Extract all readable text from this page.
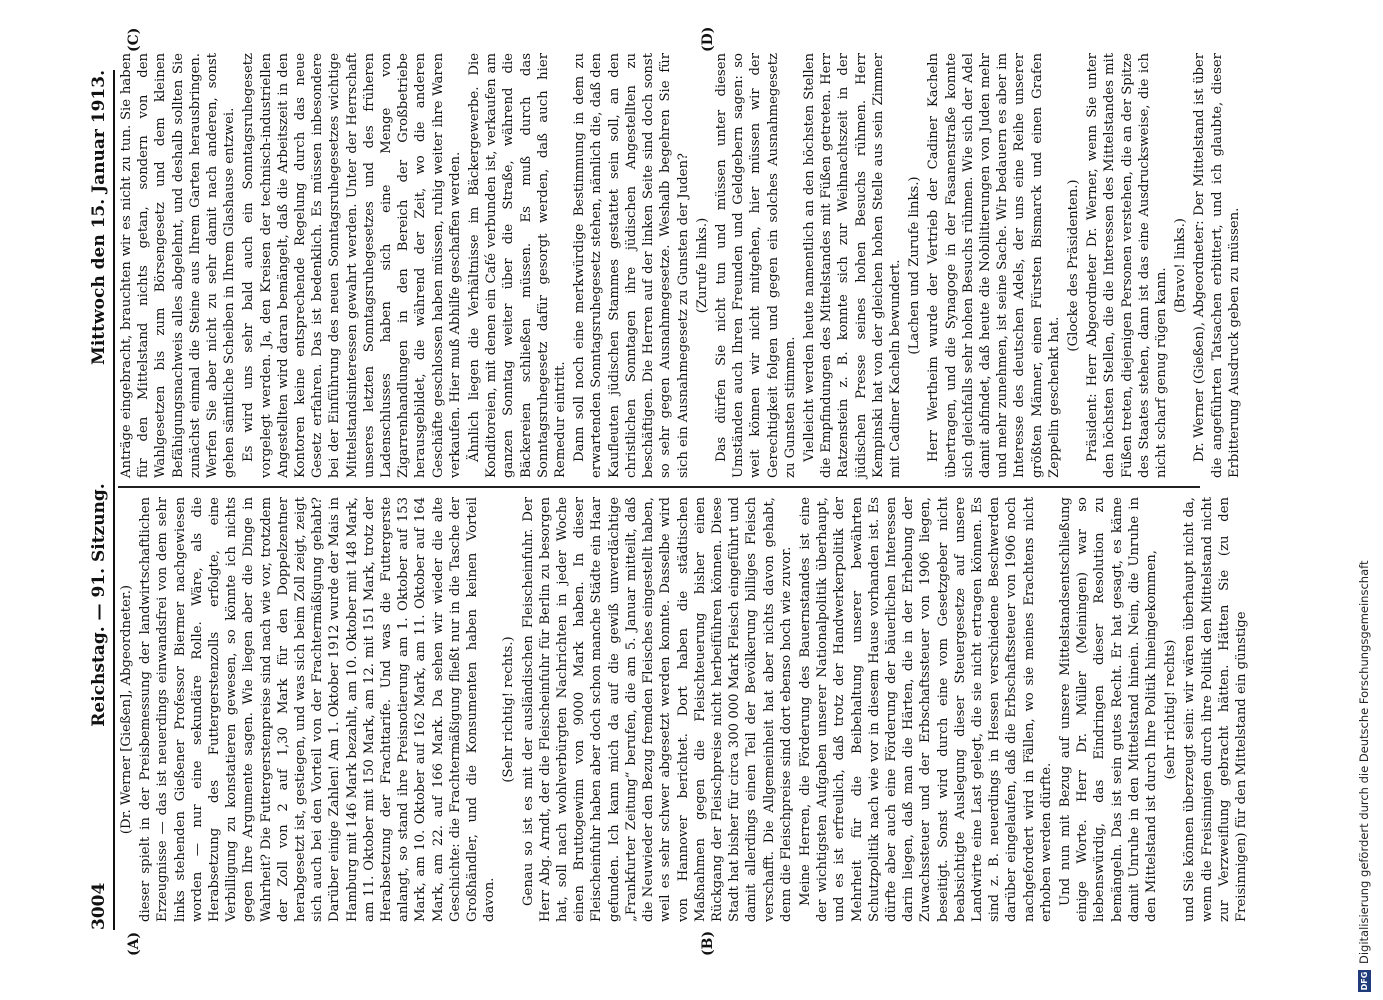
3004
Reichstag. — 91. Sitzung.
Mittwoch den 15. Januar 1913.
(A)	(B)
(C)	(D)

(Dr. Werner [Gießen], Abgeordneter.) dieser spielt in der Preisbemessung der landwirtschaftlichen Erzeugnisse — das ist neuerdings einwandsfrei von dem sehr links stehenden Gießener Professor Biermer nachgewiesen worden — nur eine sekundäre Rolle. Wäre, als die Herabsetzung des Futtergerstenzolls erfolgte, eine Verbilligung zu konstatieren gewesen, so könnte ich nichts gegen Ihre Argumente sagen. Wie liegen aber die Dinge in Wahrheit? Die Futtergerstenpreise sind nach wie vor, trotzdem der Zoll von 2 auf 1,30 Mark für den Doppelzentner herabgesetzt ist, gestiegen, und was sich beim Zoll zeigt, zeigt sich auch bei den Vorteil von der Frachtermäßigung gehabt? Darüber einige Zahlen! Am 1. Oktober 1912 wurde der Mais in Hamburg mit 146 Mark bezahlt, am 10. Oktober mit 148 Mark, am 11. Oktober mit 150 Mark, am 12. mit 151 Mark, trotz der Herabsetzung der Frachttarife. Und was die Futtergerste anlangt, so stand ihre Preisnotierung am 1. Oktober auf 153 Mark, am 10. Oktober auf 162 Mark, am 11. Oktober auf 164 Mark, am 22. auf 166 Mark. Da sehen wir wieder die alte Geschichte: die Frachtermäßigung fließt nur in die Tasche der Großhändler, und die Konsumenten haben keinen Vorteil davon.

(Sehr richtig! rechts.) Genau so ist es mit der ausländischen Fleischeinfuhr. Der Herr Abg. Arndt, der die Fleischeinfuhr für Berlin zu besorgen hat, soll nach wohlverbürgten Nachrichten in jeder Woche einen Bruttogewinn von 9000 Mark haben. In dieser Fleischeinfuhr haben aber doch schon manche Städte ein Haar gefunden. Ich kann mich da auf die gewiß unverdächtige „Frankfurter Zeitung“ berufen, die am 5. Januar mitteilt, daß die Neuwieder den Bezug fremden Fleisches eingestellt haben, weil es sehr schwer abgesetzt werden konnte. Dasselbe wird von Hannover berichtet. Dort haben die städtischen Maßnahmen gegen die Fleischteuerung bisher einen Rückgang der Fleischpreise nicht herbeiführen können. Diese Stadt hat bisher für circa 300 000 Mark Fleisch eingeführt und damit allerdings einen Teil der Bevölkerung billiges Fleisch verschafft. Die Allgemeinheit hat aber nichts davon gehabt, denn die Fleischpreise sind dort ebenso hoch wie zuvor. Meine Herren, die Förderung des Bauernstandes ist eine der wichtigsten Aufgaben unserer Nationalpolitik überhaupt, und es ist erfreulich, daß trotz der Handwerkerpolitik der Mehrheit für die Beibehaltung unserer bewährten Schutzpolitik nach wie vor in diesem Hause vorhanden ist. Es dürfte aber auch eine Förderung der bäuerlichen Interessen darin liegen, daß man die Härten, die in der Erhebung der Zuwachssteuer und der Erbschaftssteuer von 1906 liegen, beseitigt. Sonst wird durch eine vom Gesetzgeber nicht beabsichtigte Auslegung dieser Steuergesetze auf unsere Landwirte eine Last gelegt, die sie nicht ertragen können. Es sind z. B. neuerdings in Hessen verschiedene Beschwerden darüber eingelaufen, daß die Erbschaftssteuer von 1906 noch nachgefordert wird in Fällen, wo sie meines Erachtens nicht erhoben werden dürfte. Und nun mit Bezug auf unsere Mittelstandsentschließung einige Worte. Herr Dr. Müller (Meiningen) war so liebenswürdig, das Eindringen dieser Resolution zu bemängeln. Das ist sein gutes Recht. Er hat gesagt, es käme damit Unruhe in den Mittelstand hinein. Nein, die Unruhe in den Mittelstand ist durch Ihre Politik hineingekommen, (sehr richtig! rechts) und Sie können überzeugt sein: wir wären überhaupt nicht da, wenn die Freisinnigen durch ihre Politik den Mittelstand nicht zur Verzweiflung gebracht hätten. Hätten Sie (zu den Freisinnigen) für den Mittelstand ein günstige

Anträge eingebracht, brauchten wir es nicht zu tun. Sie haben für den Mittelstand nichts getan, sondern von den Wahlgesetzen bis zum Börsengesetz und dem kleinen Befähigungsnachweis alles abgelehnt, und deshalb sollten Sie zunächst einmal die Steine aus Ihrem Garten herausbringen. Werfen Sie aber nicht zu sehr damit nach anderen, sonst gehen sämtliche Scheiben in Ihrem Glashause entzwei. Es wird uns sehr bald auch ein Sonntagsruhegesetz vorgelegt werden. Ja, den Kreisen der technisch-industriellen Angestellten wird daran bemängelt, daß die Arbeitszeit in den Kontoren keine entsprechende Regelung durch das neue Gesetz erfahren. Das ist bedenklich. Es müssen inbesondere bei der Einführung des neuen Sonntagsruhegesetzes wichtige Mittelstandsinteressen gewahrt werden. Unter der Herrschaft unseres letzten Sonntagsruhegesetzes und des früheren Ladenschlusses haben sich eine Menge von Zigarrenhandlungen in den Bereich der Großbetriebe herausgebildet, die während der Zeit, wo die anderen Geschäfte geschlossen haben müssen, ruhig weiter ihre Waren verkaufen. Hier muß Abhilfe geschaffen werden. Ähnlich liegen die Verhältnisse im Bäckergewerbe. Die Konditoreien, mit denen ein Café verbunden ist, verkaufen am ganzen Sonntag weiter über die Straße, während die Bäckereien schließen müssen. Es muß durch das Sonntagsruhegesetz dafür gesorgt werden, daß auch hier Remedur eintritt. Dann soll noch eine merkwürdige Bestimmung in dem zu erwartenden Sonntagsruhegesetz stehen, nämlich die, daß den Kaufleuten jüdischen Stammes gestattet sein soll, an den christlichen Sonntagen ihre jüdischen Angestellten zu beschäftigen. Die Herren auf der linken Seite sind doch sonst so sehr gegen Ausnahmegesetze. Weshalb begehren Sie für sich ein Ausnahmegesetz zu Gunsten der Juden? (Zurufe links.) Das dürfen Sie nicht tun und müssen unter diesen Umständen auch Ihren Freunden und Geldgebern sagen: so weit können wir nicht mitgehen, hier müssen wir der Gerechtigkeit folgen und gegen ein solches Ausnahmegesetz zu Gunsten stimmen. Vielleicht werden heute namentlich an den höchsten Stellen die Empfindungen des Mittelstandes mit Füßen getreten. Herr Ratzenstein z. B. konnte sich zur Weihnachtszeit in der jüdischen Presse seines hohen Besuchs rühmen. Herr Kempinski hat von der gleichen hohen Stelle aus sein Zimmer mit Cadiner Kacheln bewundert. (Lachen und Zurufe links.) Herr Wertheim wurde der Vertrieb der Cadiner Kacheln übertragen, und die Synagoge in der Fasanenstraße konnte sich gleichfalls sehr hohen Besuchs rühmen. Wie sich der Adel damit abfindet, daß heute die Nobilitierungen von Juden mehr und mehr zunehmen, ist seine Sache. Wir bedauern es aber im Interesse des deutschen Adels, der uns eine Reihe unserer größten Männer, einen Fürsten Bismarck und einen Grafen Zeppelin geschenkt hat.

(Glocke des Präsidenten.) Präsident: Herr Abgeordneter Dr. Werner, wenn Sie unter den höchsten Stellen, die die Interessen des Mittelstandes mit Füßen treten, diejenigen Personen verstehen, die an der Spitze des Staates stehen, dann ist das eine Ausdrucksweise, die ich nicht scharf genug rügen kann.

(Bravo! links.) Dr. Werner (Gießen), Abgeordneter: Der Mittelstand ist über die angeführten Tatsachen erbittert, und ich glaubte, dieser Erbitterung Ausdruck geben zu müssen.

DFG
Digitalisierung gefördert durch die Deutsche Forschungsgemeinschaft
